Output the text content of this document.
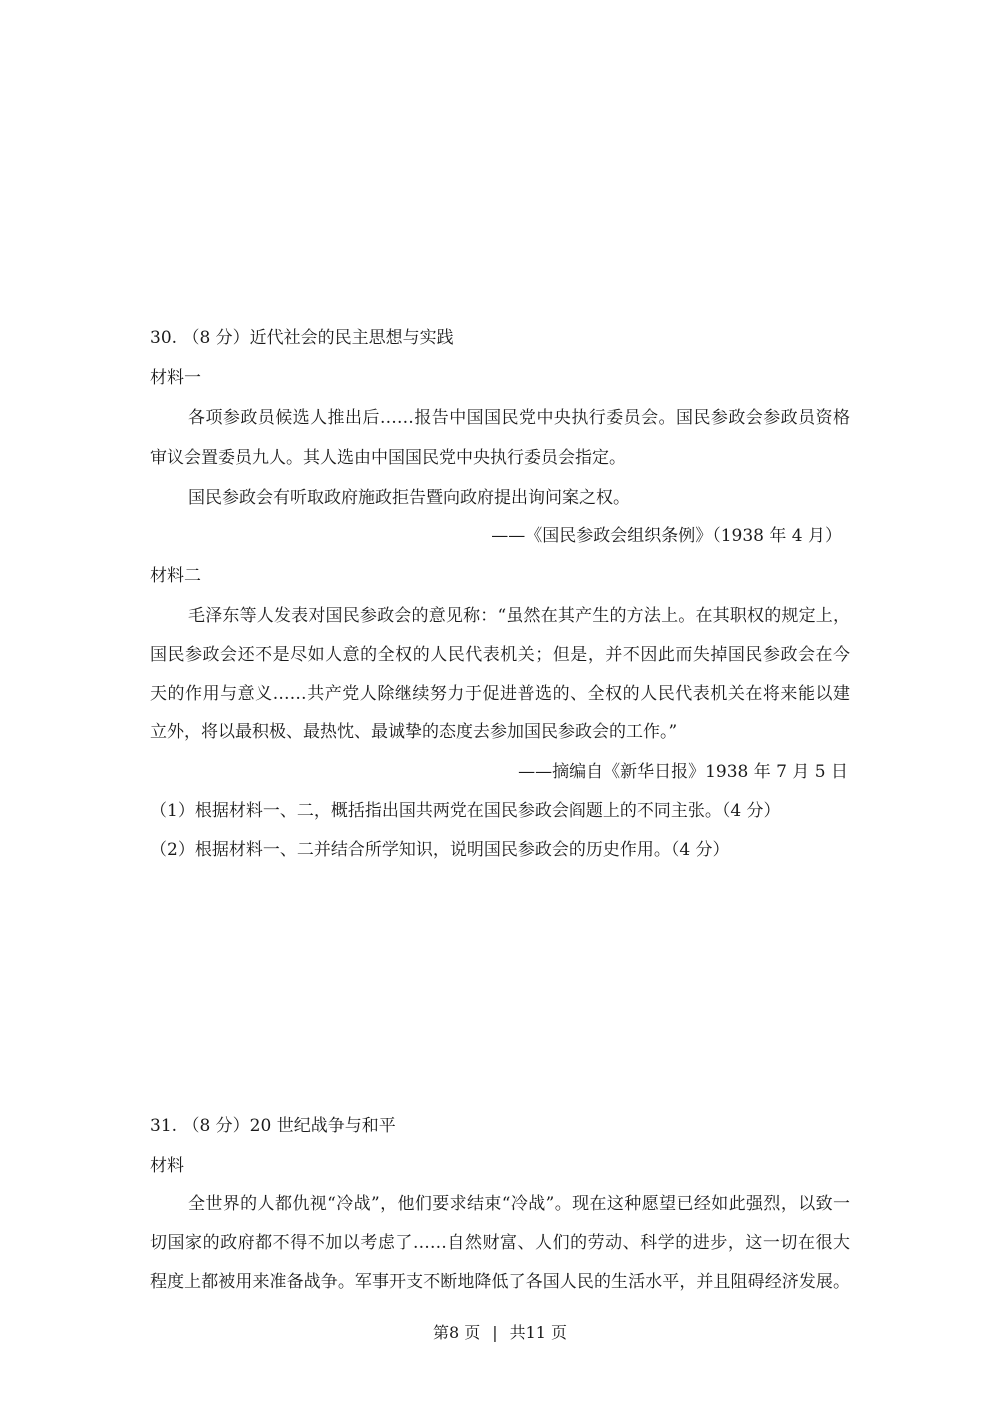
30. （8 分）近代社会的民主思想与实践
材料一
各项参政员候选人推出后……报告中国国民党中央执行委员会。国民参政会参政员资格
审议会置委员九人。其人选由中国国民党中央执行委员会指定。
国民参政会有听取政府施政拒告暨向政府提出询问案之权。
——《国民参政会组织条例》（1938 年 4 月）
材料二
毛泽东等人发表对国民参政会的意见称：“虽然在其产生的方法上。在其职权的规定上，
国民参政会还不是尽如人意的全权的人民代表机关；但是，并不因此而失掉国民参政会在今
天的作用与意义……共产党人除继续努力于促进普选的、全权的人民代表机关在将来能以建
立外，将以最积极、最热忱、最诚挚的态度去参加国民参政会的工作。”
——摘编自《新华日报》1938 年 7 月 5 日
（1）根据材料一、二，概括指出国共两党在国民参政会阎题上的不同主张。（4 分）
（2）根据材料一、二并结合所学知识，说明国民参政会的历史作用。（4 分）
31. （8 分）20 世纪战争与和平
材料
全世界的人都仇视“冷战”，他们要求结束“冷战”。现在这种愿望已经如此强烈，以致一
切国家的政府都不得不加以考虑了……自然财富、人们的劳动、科学的进步，这一切在很大
程度上都被用来准备战争。军事开支不断地降低了各国人民的生活水平，并且阻碍经济发展。
第8 页 | 共11 页
